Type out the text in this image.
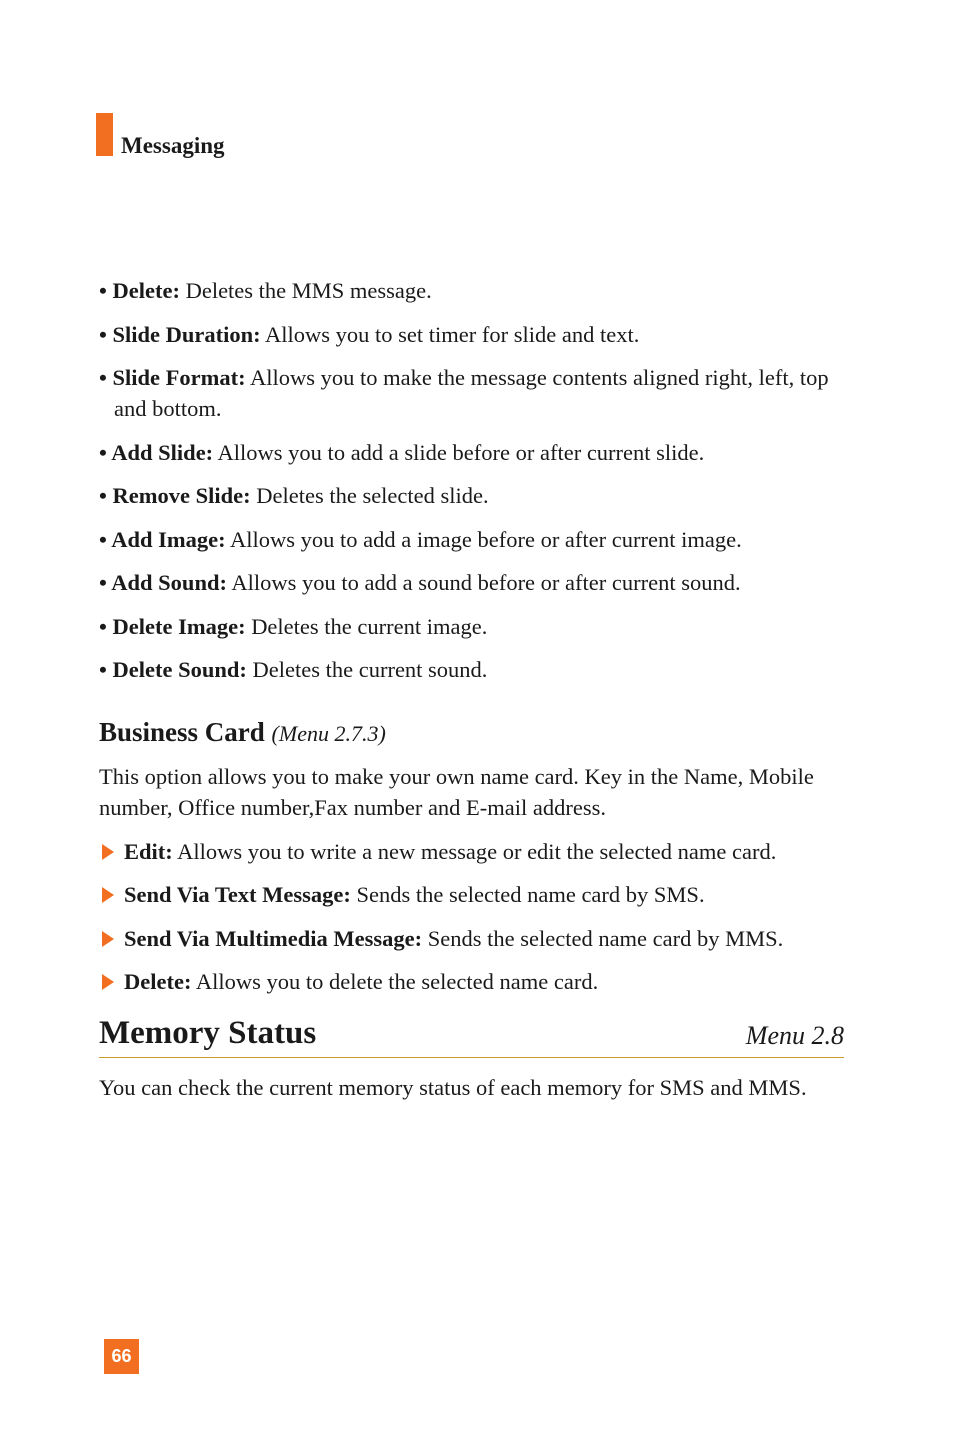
Messaging
• Delete: Deletes the MMS message.
• Slide Duration: Allows you to set timer for slide and text.
• Slide Format: Allows you to make the message contents aligned right, left, top and bottom.
• Add Slide: Allows you to add a slide before or after current slide.
• Remove Slide: Deletes the selected slide.
• Add Image: Allows you to add a image before or after current image.
• Add Sound: Allows you to add a sound before or after current sound.
• Delete Image: Deletes the current image.
• Delete Sound: Deletes the current sound.
Business Card (Menu 2.7.3)
This option allows you to make your own name card. Key in the Name, Mobile number, Office number,Fax number and E-mail address.
Edit: Allows you to write a new message or edit the selected name card.
Send Via Text Message: Sends the selected name card by SMS.
Send Via Multimedia Message: Sends the selected name card by MMS.
Delete: Allows you to delete the selected name card.
Memory Status	Menu 2.8
You can check the current memory status of each memory for SMS and MMS.
66
